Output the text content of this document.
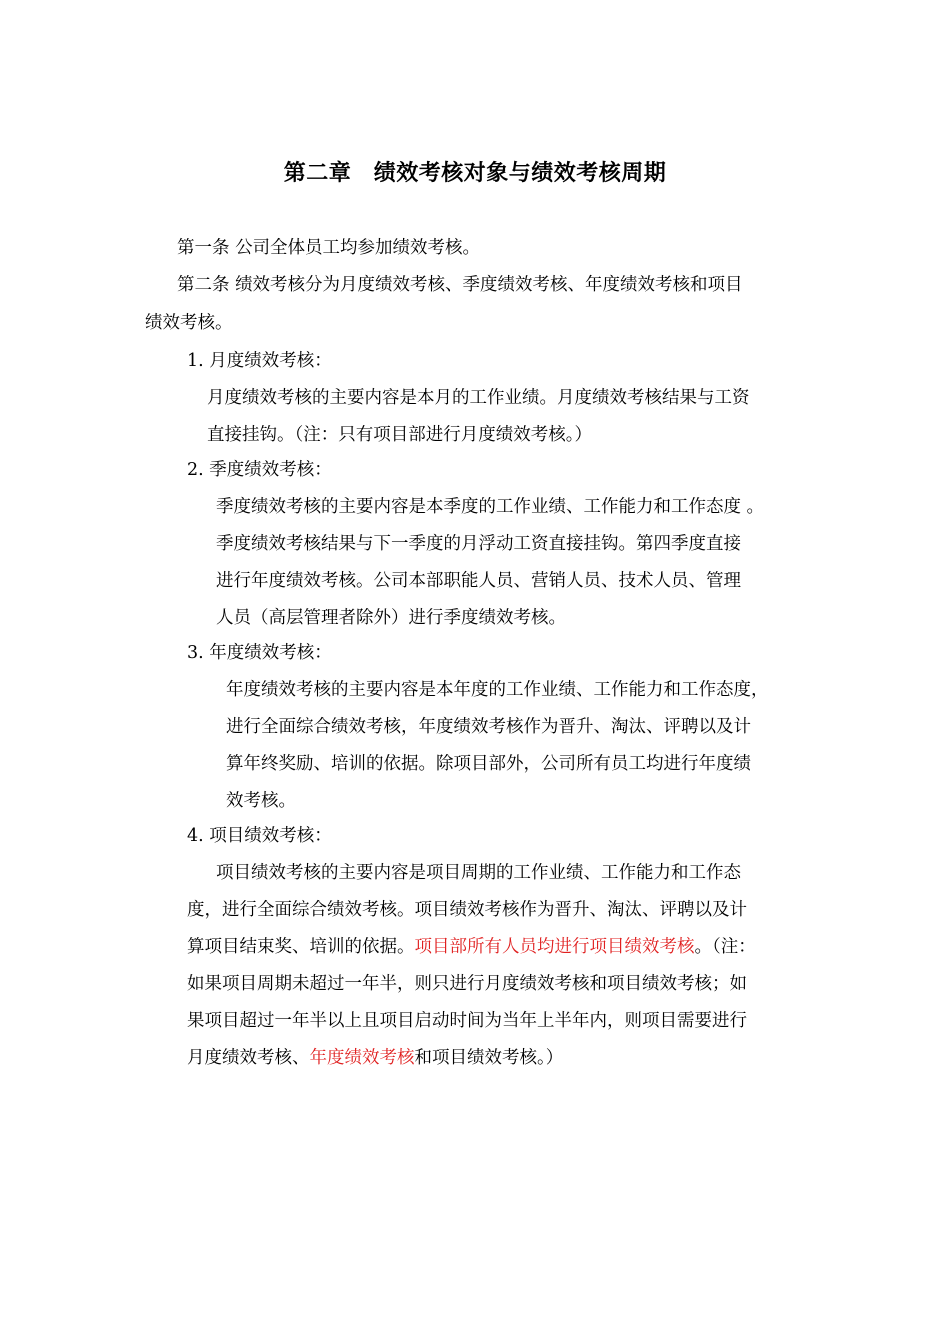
第二章　绩效考核对象与绩效考核周期
第一条 公司全体员工均参加绩效考核。
第二条 绩效考核分为月度绩效考核、季度绩效考核、年度绩效考核和项目
绩效考核。
1. 月度绩效考核：
月度绩效考核的主要内容是本月的工作业绩。月度绩效考核结果与工资
直接挂钩。（注：只有项目部进行月度绩效考核。）
2. 季度绩效考核：
季度绩效考核的主要内容是本季度的工作业绩、工作能力和工作态度 。
季度绩效考核结果与下一季度的月浮动工资直接挂钩。第四季度直接
进行年度绩效考核。公司本部职能人员、营销人员、技术人员、管理
人员（高层管理者除外）进行季度绩效考核。
3. 年度绩效考核：
年度绩效考核的主要内容是本年度的工作业绩、工作能力和工作态度，
进行全面综合绩效考核，年度绩效考核作为晋升、淘汰、评聘以及计
算年终奖励、培训的依据。除项目部外，公司所有员工均进行年度绩
效考核。
4. 项目绩效考核：
项目绩效考核的主要内容是项目周期的工作业绩、工作能力和工作态
度，进行全面综合绩效考核。项目绩效考核作为晋升、淘汰、评聘以及计
算项目结束奖、培训的依据。项目部所有人员均进行项目绩效考核。（注：
如果项目周期未超过一年半，则只进行月度绩效考核和项目绩效考核；如
果项目超过一年半以上且项目启动时间为当年上半年内，则项目需要进行
月度绩效考核、年度绩效考核和项目绩效考核。）
